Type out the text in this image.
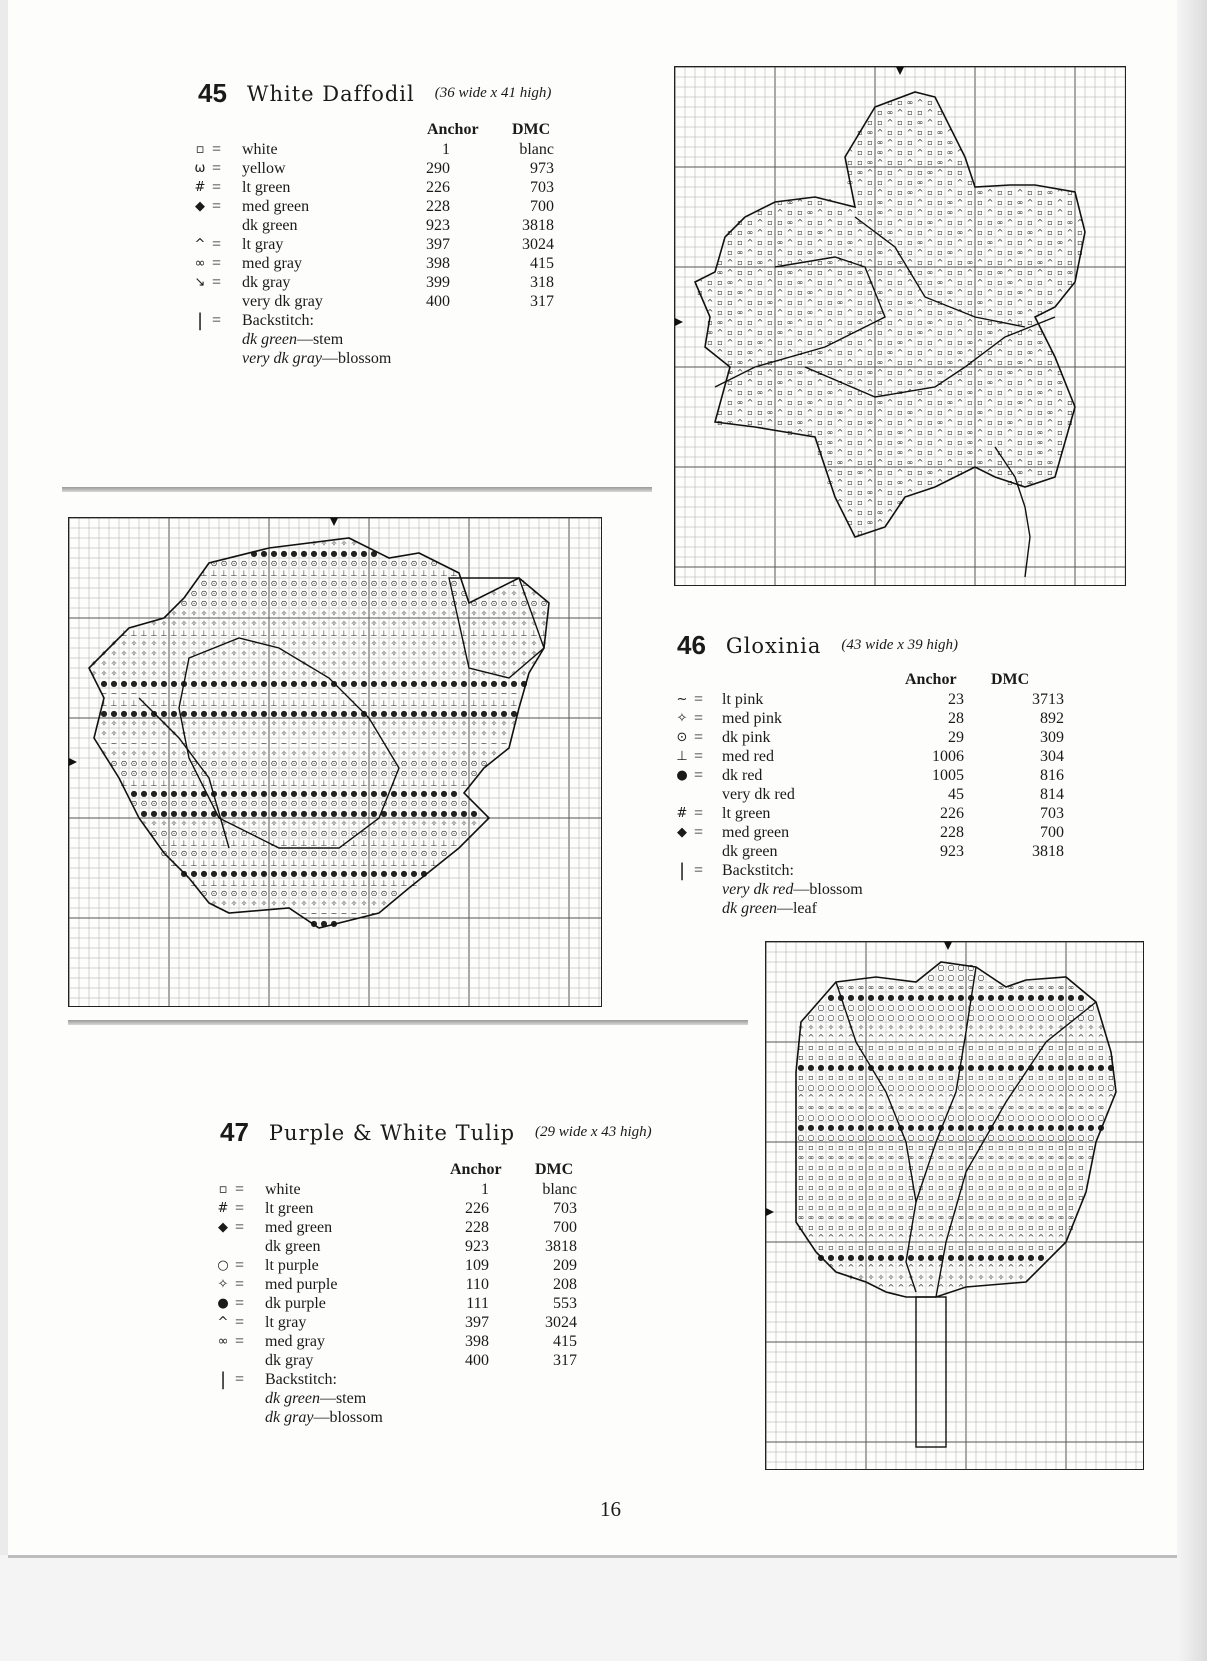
45 White Daffodil (36 wide x 41 high)
Anchor DMC
▫ = white	1	blanc
ω = yellow	290	973
# = lt green	226	703
◆ = med green	228	700
dk green	923	3818
^ = lt gray	397	3024
∞ = med gray	398	415
↘ = dk gray	399	318
very dk gray	400	317
| = Backstitch:
dk green—stem
very dk gray—blossom
46 Gloxinia (43 wide x 39 high)
Anchor DMC
~ = lt pink	23	3713
✧ = med pink	28	892
⊙ = dk pink	29	309
⊥ = med red	1006	304
● = dk red	1005	816
very dk red	45	814
# = lt green	226	703
◆ = med green	228	700
dk green	923	3818
| = Backstitch:
very dk red—blossom
dk green—leaf
47 Purple & White Tulip (29 wide x 43 high)
Anchor DMC
▫ = white	1	blanc
# = lt green	226	703
◆ = med green	228	700
dk green	923	3818
○ = lt purple	109	209
✧ = med purple	110	208
● = dk purple	111	553
^ = lt gray	397	3024
∞ = med gray	398	415
dk gray	400	317
| = Backstitch:
dk green—stem
dk gray—blossom
▫ ▫ ∞ ^ ▫
▫ ∞ ^ ▫ ▫ ^ ▫
▫ ▫ ^ ▫ ▫ ∞ ^ ▫
▫ ∞ ^ ▫ ▫ ^ ▫ ▫ ∞ ^
▫ ▫ ∞ ^ ▫ ▫ ^ ▫ ▫ ∞
^ ▫ ▫ ∞ ^ ▫ ▫ ^ ▫ ▫ ∞ ^
▫ ▫ ∞ ^ ▫ ▫ ^ ▫ ▫ ∞ ^ ▫
▫ ∞ ^ ▫ ▫ ^ ▫ ▫ ∞ ^ ▫ ▫
∞ ^ ▫ ▫ ^ ▫ ▫ ∞ ^ ▫ ▫ ^ ▫
▫ ▫ ^ ▫ ▫ ∞ ^ ▫ ▫ ^ ▫ ▫ ∞ ^ ▫ ▫ ^ ▫ ▫ ∞ ^ ▫
▫ ∞ ^ ▫ ▫ ^	▫ ▫ ∞ ^ ▫ ▫ ^ ▫ ▫ ∞ ^ ▫ ▫ ^ ▫ ▫ ∞ ^ ▫ ▫ ^ ▫
▫ ▫ ^ ▫ ▫ ∞ ^ ▫ ▫ ^ ▫ ▫ ∞ ^ ▫ ▫ ^ ▫ ▫ ∞ ^ ▫ ▫ ^ ▫ ▫ ∞ ^ ▫ ▫ ^ ▫
▫ ▫ ^ ▫ ▫ ∞ ^ ▫ ▫ ^ ▫ ▫ ∞ ^ ▫ ▫ ^ ▫ ▫ ∞ ^ ▫ ▫ ^ ▫ ▫ ∞ ^ ▫ ▫ ^ ▫ ▫ ∞ ^
▫ ▫ ∞ ^ ▫ ▫ ^ ▫ ▫ ∞ ^ ▫ ▫ ^ ▫ ▫ ∞ ^ ▫ ▫ ^ ▫ ▫ ∞ ^ ▫ ▫ ^ ▫ ▫ ∞ ^ ▫ ▫ ^ ▫
▫ ▫ ^ ▫ ▫ ∞ ^ ▫ ▫ ^ ▫ ▫ ∞ ^ ▫ ▫ ^ ▫ ▫ ∞ ^ ▫ ▫ ^ ▫ ▫ ∞ ^ ▫ ▫ ^ ▫ ▫ ∞ ^ ▫
▫ ∞ ^ ▫ ▫ ^ ▫ ▫ ∞ ^ ▫ ▫ ^ ▫ ▫ ∞ ^ ▫ ▫ ^ ▫ ▫ ∞ ^ ▫ ▫ ^ ▫ ▫ ∞ ^ ▫ ▫ ^ ▫ ▫
▫ ^ ▫ ▫ ∞ ^ ▫ ▫ ^ ▫ ▫ ∞ ^ ▫ ▫ ^ ▫ ▫ ∞ ^ ▫ ▫ ^ ▫ ▫ ∞ ^ ▫ ▫ ^ ▫ ▫ ∞ ^ ▫ ▫
∞ ^ ▫ ▫ ^ ▫ ▫ ∞ ^ ▫ ▫ ^ ▫ ▫ ∞ ^ ▫ ▫ ^ ▫ ▫ ∞ ^ ▫ ▫ ^ ▫ ▫ ∞ ^ ▫ ▫ ^ ▫ ▫ ∞
^ ▫ ▫ ∞ ^ ▫ ▫ ^ ▫ ▫ ∞ ^ ▫ ▫ ^ ▫ ▫ ∞ ^ ▫ ▫ ^ ▫ ▫ ∞ ^ ▫ ▫ ^ ▫ ▫ ∞ ^ ▫ ▫ ^ ▫ ▫
▫ ^ ▫ ▫ ∞ ^ ▫ ▫ ^ ▫ ▫ ∞ ^ ▫ ▫ ^ ▫ ▫ ∞ ^ ▫ ▫ ^ ▫ ▫ ∞ ^ ▫ ▫ ^ ▫ ▫ ∞ ^ ▫ ▫ ^
^ ▫ ▫ ^ ▫ ▫ ∞ ^ ▫ ▫ ^ ▫ ▫ ∞ ^ ▫ ▫ ^ ▫ ▫ ∞ ^ ▫ ▫ ^ ▫ ▫ ∞ ^ ▫ ▫ ^ ▫ ▫ ∞
^ ▫ ▫ ∞ ^ ▫ ▫ ^ ▫ ▫ ∞ ^ ▫ ▫ ^ ▫ ▫ ∞ ^ ▫ ▫ ^ ▫ ▫ ∞ ^ ▫ ▫ ^ ▫ ▫ ∞ ^ ▫
▫ ∞ ^ ▫ ▫ ^ ▫ ▫ ∞ ^ ▫ ▫ ^ ▫ ▫ ∞ ^ ▫ ▫ ^ ▫ ▫ ∞ ^ ▫ ▫ ^ ▫ ▫ ∞ ^ ▫ ▫
∞ ^ ▫ ▫ ^ ▫ ▫ ∞ ^ ▫ ▫ ^ ▫ ▫ ∞ ^ ▫ ▫ ^ ▫ ▫ ∞ ^ ▫ ▫ ^ ▫ ▫ ∞ ^ ▫ ▫ ^ ▫
▫ ▫ ^ ▫ ▫ ∞ ^ ▫ ▫ ^ ▫ ▫ ∞ ^ ▫ ▫ ^ ▫ ▫ ∞ ^ ▫ ▫ ^ ▫ ▫ ∞ ^ ▫ ▫ ^ ▫ ▫ ∞
^ ▫ ▫ ∞ ^ ▫ ▫ ^ ▫ ▫ ∞ ^ ▫ ▫ ^ ▫ ▫ ∞ ^ ▫ ▫ ^ ▫ ▫ ∞ ^ ▫ ▫ ^ ▫ ▫ ∞ ^ ▫
▫ ∞ ^ ▫ ▫ ^ ▫ ▫ ∞ ^ ▫ ▫ ^ ▫ ▫ ∞ ^ ▫ ▫ ^ ▫ ▫ ∞ ^ ▫ ▫ ^ ▫ ▫ ∞ ^ ▫ ▫
∞ ^ ▫ ▫ ^ ▫ ▫ ∞ ^ ▫ ▫ ^ ▫ ▫ ∞ ^ ▫ ▫ ^ ▫ ▫ ∞ ^ ▫ ▫ ^ ▫ ▫ ∞ ^ ▫ ▫ ^ ▫
▫ ▫ ^ ▫ ▫ ∞ ^ ▫ ▫ ^ ▫ ▫ ∞ ^ ▫ ▫ ^ ▫ ▫ ∞ ^ ▫ ▫ ^ ▫ ▫ ∞ ^ ▫ ▫ ^ ▫ ▫ ∞
^ ▫ ▫ ∞ ^ ▫ ▫ ^ ▫ ▫ ∞ ^ ▫ ▫ ^ ▫ ▫ ∞ ^ ▫ ▫ ^ ▫ ▫ ∞ ^ ▫ ▫ ^ ▫ ▫ ∞ ^ ▫
▫ ∞ ^ ▫ ▫ ^ ▫ ▫ ∞ ^ ▫ ▫ ^ ▫ ▫ ∞ ^ ▫ ▫ ^ ▫ ▫ ∞ ^ ▫ ▫ ^ ▫ ▫ ∞ ^ ▫ ▫ ^ ▫
▫ ▫ ^ ▫ ▫ ∞ ^ ▫ ▫ ^ ▫ ▫ ∞ ^ ▫ ▫ ^ ▫ ▫ ∞ ^ ▫ ▫ ^ ▫ ▫ ∞ ^ ▫ ▫ ^ ▫ ▫ ∞ ^ ▫
▫ ∞ ^ ▫ ▫ ^ ▫ ▫ ∞ ^ ▫ ▫ ^ ▫ ▫ ∞ ^ ▫ ▫ ^ ▫ ▫ ∞ ^ ▫ ▫ ^ ▫ ▫ ∞ ^ ▫ ▫ ^ ▫ ▫
▫ ^ ▫ ▫ ∞ ^ ▫ ▫ ^ ▫ ▫ ∞ ^ ▫ ▫ ^ ▫ ▫ ∞ ^ ▫ ▫ ^ ▫ ▫ ∞ ^ ▫
▫ ∞ ^ ▫ ▫ ^ ▫ ▫ ∞ ^ ▫ ▫ ^ ▫ ▫ ∞ ^ ▫ ▫ ^ ▫ ▫ ∞ ^ ▫
▫ ∞ ^ ▫ ▫ ^ ▫ ▫ ∞ ^ ▫ ▫ ^ ▫ ▫ ∞ ^ ▫ ▫ ^ ▫ ▫ ∞ ^ ▫
▫ ∞ ^ ▫ ▫ ^ ▫ ▫ ∞ ^ ▫ ▫ ^ ▫ ▫ ∞ ^ ▫ ▫ ^ ▫ ▫ ∞
^ ▫ ▫ ∞ ^ ▫ ▫ ^ ▫ ▫ ∞ ^ ▫ ▫	^ ▫ ▫ ∞ ^ ▫ ▫
∞ ^ ▫ ▫ ^ ▫ ▫ ∞ ^ ▫ ▫ ^	▫ ▫ ∞
^ ▫ ▫ ∞ ^ ▫ ▫ ^
^ ▫ ▫ ^ ▫ ▫ ∞
^ ▫ ▫ ∞ ^
▫ ▫ ∞ ^
▫
✧ ✧ ✧ ✧ ✧
● ● ● ● ● ● ● ● ● ● ● ● ●
⊙ ⊙ ⊙ ⊙ ⊙ ⊙ ⊙ ⊙ ⊙ ⊙ ⊙ ⊙ ⊙ ⊙ ⊙ ⊙ ⊙ ⊙ ⊙ ⊙ ⊙ ⊙ ⊙
⊥ ⊥ ⊥ ⊥ ⊥ ⊥ ⊥ ⊥ ⊥ ⊥ ⊥ ⊥ ⊥ ⊥ ⊥ ⊥ ⊥ ⊥ ⊥ ⊥ ⊥ ⊥ ⊥ ⊥ ⊥ ⊥
⊙ ⊙ ⊙ ⊙ ⊙ ⊙ ⊙ ⊙ ⊙ ⊙ ⊙ ⊙ ⊙ ⊙ ⊙ ⊙ ⊙ ⊙ ⊙ ⊙ ⊙ ⊙ ⊙ ⊙ ⊙ ⊙	⊥ ⊥
⊙ ⊙ ⊙ ⊙ ⊙ ⊙ ⊙ ⊙ ⊙ ⊙ ⊙ ⊙ ⊙ ⊙ ⊙ ⊙ ⊙ ⊙ ⊙ ⊙ ⊙ ⊙ ⊙ ⊙ ⊙ ⊙ ⊙ ⊙	✧ ✧ ✧ ✧ ✧
⊙ ⊙ ⊙ ⊙ ⊙ ⊙ ⊙ ⊙ ⊙ ⊙ ⊙ ⊙ ⊙ ⊙ ⊙ ⊙ ⊙ ⊙ ⊙ ⊙ ⊙ ⊙ ⊙ ⊙ ⊙ ⊙ ⊙ ⊙ ⊙ ⊙ ⊙ ⊙ ⊙ ⊙ ⊙ ⊙ ⊙
✧ ✧ ✧ ✧ ✧ ✧ ✧ ✧ ✧ ✧ ✧ ✧ ✧ ✧ ✧ ✧ ✧ ✧ ✧ ✧ ✧ ✧ ✧ ✧ ✧ ✧ ✧ ✧ ✧ ✧ ✧ ✧ ✧ ✧ ✧ ✧ ✧ ✧
✧ ✧ ✧ ✧ ✧ ✧ ✧ ✧ ✧ ✧ ✧ ✧ ✧ ✧ ✧ ✧ ✧ ✧ ✧ ✧ ✧ ✧ ✧ ✧ ✧ ✧ ✧ ✧ ✧ ✧ ✧ ✧ ✧ ✧ ✧ ✧ ✧ ✧ ✧ ✧
⊥ ⊥ ⊥ ⊥ ⊥ ⊥ ⊥ ⊥ ⊥ ⊥ ⊥ ⊥ ⊥ ⊥ ⊥ ⊥ ⊥ ⊥ ⊥ ⊥ ⊥ ⊥ ⊥ ⊥ ⊥ ⊥ ⊥ ⊥ ⊥ ⊥ ⊥ ⊥ ⊥ ⊥ ⊥ ⊥ ⊥ ⊥ ⊥ ⊥ ⊥ ⊥ ⊥
✧ ✧ ✧ ✧ ✧ ✧ ✧ ✧ ✧ ✧ ✧ ✧ ✧ ✧ ✧ ✧ ✧ ✧ ✧ ✧ ✧ ✧ ✧ ✧ ✧ ✧ ✧ ✧ ✧ ✧ ✧ ✧ ✧ ✧ ✧ ✧ ✧ ✧ ✧ ✧ ✧ ✧ ✧ ✧
✧ ✧ ✧ ✧ ✧ ✧ ✧ ✧ ✧ ✧ ✧ ✧ ✧ ✧ ✧ ✧ ✧ ✧ ✧ ✧ ✧ ✧ ✧ ✧ ✧ ✧ ✧ ✧ ✧ ✧ ✧ ✧ ✧ ✧ ✧ ✧ ✧ ✧ ✧ ✧ ✧ ✧ ✧ ✧
✧ ✧ ✧ ✧ ✧ ✧ ✧ ✧ ✧ ✧ ✧ ✧ ✧ ✧ ✧ ✧ ✧ ✧ ✧ ✧ ✧ ✧ ✧ ✧ ✧ ✧ ✧ ✧ ✧ ✧ ✧ ✧ ✧ ✧ ✧ ✧ ✧ ✧ ✧ ✧ ✧ ✧ ✧ ✧ ✧
✧ ✧ ✧ ✧ ✧ ✧ ✧ ✧ ✧ ✧ ✧ ✧ ✧ ✧ ✧ ✧ ✧ ✧ ✧ ✧ ✧ ✧ ✧ ✧ ✧ ✧ ✧ ✧ ✧ ✧ ✧ ✧ ✧ ✧ ✧ ✧ ✧ ✧ ✧ ✧ ✧ ✧ ✧ ✧
● ● ● ● ● ● ● ● ● ● ● ● ● ● ● ● ● ● ● ● ● ● ● ● ● ● ● ● ● ● ● ● ● ● ● ● ● ● ● ● ● ● ●
~ ~ ~ ~ ~ ~ ~ ~ ~ ~ ~ ~ ~ ~ ~ ~ ~ ~ ~ ~ ~ ~ ~ ~ ~ ~ ~ ~ ~ ~ ~ ~ ~ ~ ~ ~ ~ ~ ~ ~ ~ ~
⊥ ⊥ ⊥ ⊥ ⊥ ⊥ ⊥ ⊥ ⊥ ⊥ ⊥ ⊥ ⊥ ⊥ ⊥ ⊥ ⊥ ⊥ ⊥ ⊥ ⊥ ⊥ ⊥ ⊥ ⊥ ⊥ ⊥ ⊥ ⊥ ⊥ ⊥ ⊥ ⊥ ⊥ ⊥ ⊥ ⊥ ⊥ ⊥ ⊥ ⊥ ⊥
● ● ● ● ● ● ● ● ● ● ● ● ● ● ● ● ● ● ● ● ● ● ● ● ● ● ● ● ● ● ● ● ● ● ● ● ● ● ● ● ● ●
✧ ✧ ✧ ✧ ✧ ✧ ✧ ✧ ✧ ✧ ✧ ✧ ✧ ✧ ✧ ✧ ✧ ✧ ✧ ✧ ✧ ✧ ✧ ✧ ✧ ✧ ✧ ✧ ✧ ✧ ✧ ✧ ✧ ✧ ✧ ✧ ✧ ✧ ✧ ✧ ✧ ✧
✧ ✧ ✧ ✧ ✧ ✧ ✧ ✧ ✧ ✧ ✧ ✧ ✧ ✧ ✧ ✧ ✧ ✧ ✧ ✧ ✧ ✧ ✧ ✧ ✧ ✧ ✧ ✧ ✧ ✧ ✧ ✧ ✧ ✧ ✧ ✧ ✧ ✧ ✧ ✧ ✧
~ ~ ~ ~ ~ ~ ~ ~ ~ ~ ~ ~ ~ ~ ~ ~ ~ ~ ~ ~ ~ ~ ~ ~ ~ ~ ~ ~ ~ ~ ~ ~ ~ ~ ~ ~ ~ ~ ~ ~ ~
✧ ✧ ✧ ✧ ✧ ✧ ✧ ✧ ✧ ✧ ✧ ✧ ✧ ✧ ✧ ✧ ✧ ✧ ✧ ✧ ✧ ✧ ✧ ✧ ✧ ✧ ✧ ✧ ✧ ✧ ✧ ✧ ✧ ✧ ✧ ✧ ✧ ✧ ✧ ✧
⊙ ⊙ ⊙ ⊙ ⊙ ⊙ ⊙ ⊙ ⊙ ⊙ ⊙ ⊙ ⊙ ⊙ ⊙ ⊙ ⊙ ⊙ ⊙ ⊙ ⊙ ⊙ ⊙ ⊙ ⊙ ⊙ ⊙ ⊙ ⊙ ⊙ ⊙ ⊙ ⊙ ⊙ ⊙ ⊙ ⊙ ⊙
⊙ ⊙ ⊙ ⊙ ⊙ ⊙ ⊙ ⊙ ⊙ ⊙ ⊙ ⊙ ⊙ ⊙ ⊙ ⊙ ⊙ ⊙ ⊙ ⊙ ⊙ ⊙ ⊙ ⊙ ⊙ ⊙ ⊙ ⊙ ⊙ ⊙ ⊙ ⊙ ⊙ ⊙ ⊙ ⊙
⊥ ⊥ ⊥ ⊥ ⊥ ⊥ ⊥ ⊥ ⊥ ⊥ ⊥ ⊥ ⊥ ⊥ ⊥ ⊥ ⊥ ⊥ ⊥ ⊥ ⊥ ⊥ ⊥ ⊥ ⊥ ⊥ ⊥ ⊥ ⊥ ⊥ ⊥ ⊥ ⊥ ⊥ ⊥
● ● ● ● ● ● ● ● ● ● ● ● ● ● ● ● ● ● ● ● ● ● ● ● ● ● ● ● ● ● ● ● ●
⊙ ⊙ ⊙ ⊙ ⊙ ⊙ ⊙ ⊙ ⊙ ⊙ ⊙ ⊙ ⊙ ⊙ ⊙ ⊙ ⊙ ⊙ ⊙ ⊙ ⊙ ⊙ ⊙ ⊙ ⊙ ⊙ ⊙ ⊙ ⊙ ⊙ ⊙ ⊙ ⊙ ⊙
● ● ● ● ● ● ● ● ● ● ● ● ● ● ● ● ● ● ● ● ● ● ● ● ● ● ● ● ● ● ● ● ● ●
✧ ✧ ✧ ✧ ✧ ✧ ✧ ✧ ✧ ✧ ✧ ✧ ✧ ✧ ✧ ✧ ✧ ✧ ✧ ✧ ✧ ✧ ✧ ✧ ✧ ✧ ✧ ✧ ✧ ✧ ✧ ✧ ✧ ✧
⊙ ⊙ ⊙ ⊙ ⊙ ⊙ ⊙ ⊙ ⊙ ⊙ ⊙ ⊙ ⊙ ⊙ ⊙ ⊙ ⊙ ⊙ ⊙ ⊙ ⊙ ⊙ ⊙ ⊙ ⊙ ⊙ ⊙ ⊙ ⊙ ⊙ ⊙ ⊙
⊥ ⊥ ⊥ ⊥ ⊥ ⊥ ⊥ ⊥ ⊥ ⊥ ⊥ ⊥ ⊥ ⊥ ⊥ ⊥ ⊥ ⊥ ⊥ ⊥ ⊥ ⊥ ⊥ ⊥ ⊥ ⊥ ⊥ ⊥ ⊥ ⊥
⊙ ⊙ ⊙ ⊙ ⊙ ⊙ ⊙ ⊙ ⊙ ⊙ ⊙ ⊙ ⊙ ⊙ ⊙ ⊙ ⊙ ⊙ ⊙ ⊙ ⊙ ⊙ ⊙ ⊙ ⊙ ⊙ ⊙ ⊙ ⊙
⊥ ⊥ ⊥ ⊥ ⊥ ⊥ ⊥ ⊥ ⊥ ⊥ ⊥ ⊥ ⊥ ⊥ ⊥ ⊥ ⊥ ⊥ ⊥ ⊥ ⊥ ⊥ ⊥ ⊥ ⊥ ⊥ ⊥
● ● ● ● ● ● ● ● ● ● ● ● ● ● ● ● ● ● ● ● ● ● ● ● ●
⊥ ⊥ ⊥ ⊥ ⊥ ⊥ ⊥ ⊥ ⊥ ⊥ ⊥ ⊥ ⊥ ⊥ ⊥ ⊥ ⊥ ⊥ ⊥ ⊥ ⊥ ⊥ ⊥
⊙ ⊙ ⊙ ⊙ ⊙ ⊙ ⊙ ⊙ ⊙ ⊙ ⊙ ⊙ ⊙ ⊙ ⊙ ⊙ ⊙ ⊙ ⊙ ⊙
✧ ✧ ✧ ✧ ✧ ✧ ✧ ✧ ✧ ✧ ✧ ✧ ✧ ✧ ✧ ✧ ✧ ✧
~ ~ ~ ~ ~ ~ ~ ~
● ● ●
○ ○ ○ ○
○ ○ ○ ○ ○ ○
∞ ∞ ∞ ∞ ∞ ∞ ∞ ∞ ∞ ∞ ∞ ∞ ∞ ∞ ∞ ∞ ∞ ∞ ∞ ∞ ∞ ∞ ∞ ∞
● ● ● ● ● ● ● ● ● ● ● ● ● ● ● ● ● ● ● ● ● ● ● ● ● ●
○ ○ ○ ○ ○ ○ ○ ○ ○ ○ ○ ○ ○ ○ ○ ○ ○ ○ ○ ○ ○ ○ ○ ○ ○ ○ ○ ○
○ ○ ○ ○ ○ ○ ○ ○ ○ ○ ○ ○ ○ ○ ○ ○ ○ ○ ○ ○ ○ ○ ○ ○ ○ ○ ○ ○ ○
✧ ✧ ✧ ✧ ✧ ✧ ✧ ✧ ✧ ✧ ✧ ✧ ✧ ✧ ✧ ✧ ✧ ✧ ✧ ✧ ✧ ✧ ✧ ✧ ✧ ✧ ✧ ✧ ✧ ✧ ✧
^ ^ ^ ^ ^ ^ ^ ^ ^ ^ ^ ^ ^ ^ ^ ^ ^ ^ ^ ^ ^ ^ ^ ^ ^ ^ ^ ^ ^ ^ ^
▫ ▫ ▫ ▫ ▫ ▫ ▫ ▫ ▫ ▫ ▫ ▫ ▫ ▫ ▫ ▫ ▫ ▫ ▫ ▫ ▫ ▫ ▫ ▫ ▫ ▫ ▫ ▫ ▫ ▫ ▫
▫ ▫ ▫ ▫ ▫ ▫ ▫ ▫ ▫ ▫ ▫ ▫ ▫ ▫ ▫ ▫ ▫ ▫ ▫ ▫ ▫ ▫ ▫ ▫ ▫ ▫ ▫ ▫ ▫ ▫ ▫ ▫
● ● ● ● ● ● ● ● ● ● ● ● ● ● ● ● ● ● ● ● ● ● ● ● ● ● ● ● ● ● ● ●
▫ ▫ ▫ ▫ ▫ ▫ ▫ ▫ ▫ ▫ ▫ ▫ ▫ ▫ ▫ ▫ ▫ ▫ ▫ ▫ ▫ ▫ ▫ ▫ ▫ ▫ ▫ ▫ ▫ ▫ ▫ ▫
○ ○ ○ ○ ○ ○ ○ ○ ○ ○ ○ ○ ○ ○ ○ ○ ○ ○ ○ ○ ○ ○ ○ ○ ○ ○ ○ ○ ○ ○ ○ ○
^ ^ ^ ^ ^ ^ ^ ^ ^ ^ ^ ^ ^ ^ ^ ^ ^ ^ ^ ^ ^ ^ ^ ^ ^ ^ ^ ^ ^ ^ ^ ^
∞ ∞ ∞ ∞ ∞ ∞ ∞ ∞ ∞ ∞ ∞ ∞ ∞ ∞ ∞ ∞ ∞ ∞ ∞ ∞ ∞ ∞ ∞ ∞ ∞ ∞ ∞ ∞ ∞ ∞ ∞
○ ○ ○ ○ ○ ○ ○ ○ ○ ○ ○ ○ ○ ○ ○ ○ ○ ○ ○ ○ ○ ○ ○ ○ ○ ○ ○ ○ ○ ○ ○
● ● ● ● ● ● ● ● ● ● ● ● ● ● ● ● ● ● ● ● ● ● ● ● ● ● ● ● ● ● ●
○ ○ ○ ○ ○ ○ ○ ○ ○ ○ ○ ○ ○ ○ ○ ○ ○ ○ ○ ○ ○ ○ ○ ○ ○ ○ ○ ○ ○ ○
▫ ▫ ▫ ▫ ▫ ▫ ▫ ▫ ▫ ▫ ▫ ▫ ▫ ▫ ▫ ▫ ▫ ▫ ▫ ▫ ▫ ▫ ▫ ▫ ▫ ▫ ▫ ▫ ▫ ▫
∞ ∞ ∞ ∞ ∞ ∞ ∞ ∞ ∞ ∞ ∞ ∞ ∞ ∞ ∞ ∞ ∞ ∞ ∞ ∞ ∞ ∞ ∞ ∞ ∞ ∞ ∞ ∞ ∞ ∞
▫ ▫ ▫ ▫ ▫ ▫ ▫ ▫ ▫ ▫ ▫ ▫ ▫ ▫ ▫ ▫ ▫ ▫ ▫ ▫ ▫ ▫ ▫ ▫ ▫ ▫ ▫ ▫ ▫
▫ ▫ ▫ ▫ ▫ ▫ ▫ ▫ ▫ ▫ ▫ ▫ ▫ ▫ ▫ ▫ ▫ ▫ ▫ ▫ ▫ ▫ ▫ ▫ ▫ ▫ ▫ ▫ ▫
▫ ▫ ▫ ▫ ▫ ▫ ▫ ▫ ▫ ▫ ▫ ▫ ▫ ▫ ▫ ▫ ▫ ▫ ▫ ▫ ▫ ▫ ▫ ▫ ▫ ▫ ▫ ▫ ▫
▫ ▫ ▫ ▫ ▫ ▫ ▫ ▫ ▫ ▫ ▫ ▫ ▫ ▫ ▫ ▫ ▫ ▫ ▫ ▫ ▫ ▫ ▫ ▫ ▫ ▫ ▫ ▫ ▫
▫ ▫ ▫ ▫ ▫ ▫ ▫ ▫ ▫ ▫ ▫ ▫ ▫ ▫ ▫ ▫ ▫ ▫ ▫ ▫ ▫ ▫ ▫ ▫ ▫ ▫ ▫ ▫
∞ ∞ ∞ ∞ ∞ ∞ ∞ ∞ ∞ ∞ ∞ ∞ ∞ ∞ ∞ ∞ ∞ ∞ ∞ ∞ ∞ ∞ ∞ ∞ ∞ ∞ ∞ ∞
▫ ▫ ▫ ▫ ▫ ▫ ▫ ▫ ▫ ▫ ▫ ▫ ▫ ▫ ▫ ▫ ▫ ▫ ▫ ▫ ▫ ▫ ▫ ▫ ▫ ▫ ▫ ▫
^ ^ ^ ^ ^ ^ ^ ^ ^ ^ ^ ^ ^ ^ ^ ^ ^ ^ ^ ^ ^ ^ ^ ^ ^ ^
▫ ▫ ▫ ▫ ▫ ▫ ▫ ▫ ▫ ▫ ▫ ▫ ▫ ▫ ▫ ▫ ▫ ▫ ▫ ▫ ▫ ▫ ▫ ▫
● ● ● ● ● ● ● ● ● ● ● ● ● ● ● ● ● ● ● ● ● ● ●
^ ^ ^ ^ ^ ^ ^ ^ ^ ^ ^ ^ ^ ^ ^ ^ ^ ^ ^ ^ ^
✧ ✧ ✧ ✧ ✧ ✧ ✧ ✧ ✧ ✧ ✧ ✧ ✧ ✧ ✧ ✧ ✧ ✧
^ ^ ^ ^ ^ ^ ^ ^ ^
16
